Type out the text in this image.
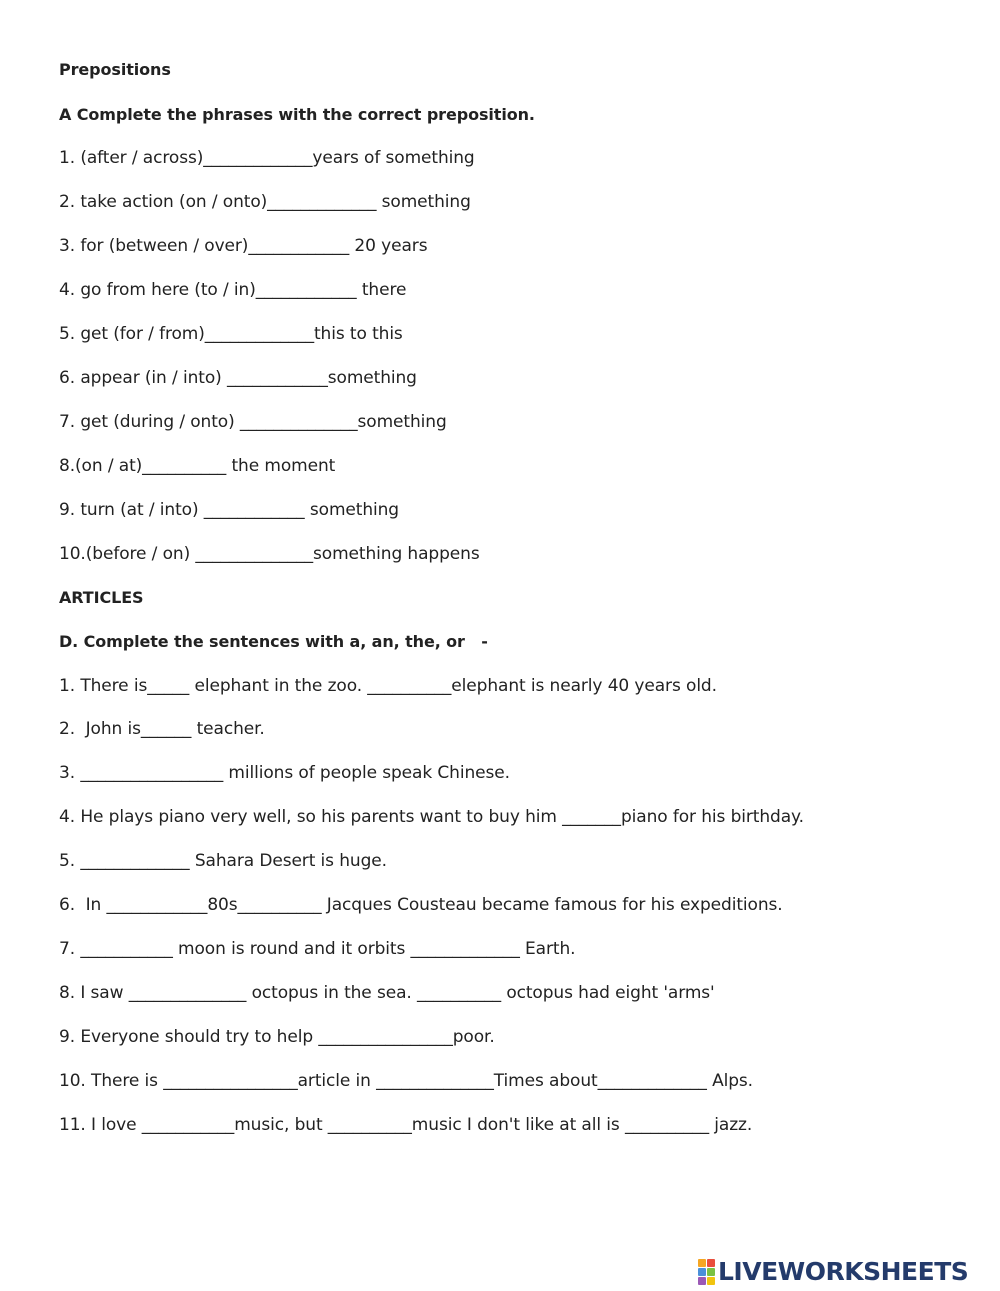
Prepositions
A Complete the phrases with the correct preposition.
1. (after / across)_____________years of something
2. take action (on / onto)_____________ something
3. for (between / over)____________ 20 years
4. go from here (to / in)____________ there
5. get (for / from)_____________this to this
6. appear (in / into) ____________something
7. get (during / onto) ______________something
8.(on / at)__________ the moment
9. turn (at / into) ____________ something
10.(before / on) ______________something happens
ARTICLES
D. Complete the sentences with a, an, the, or   -
1. There is_____ elephant in the zoo. __________elephant is nearly 40 years old.
2.  John is______ teacher.
3. _________________ millions of people speak Chinese.
4. He plays piano very well, so his parents want to buy him _______piano for his birthday.
5. _____________ Sahara Desert is huge.
6.  In ____________80s__________ Jacques Cousteau became famous for his expeditions.
7. ___________ moon is round and it orbits _____________ Earth.
8. I saw ______________ octopus in the sea. __________ octopus had eight 'arms'
9. Everyone should try to help ________________poor.
10. There is ________________article in ______________Times about_____________ Alps.
11. I love ___________music, but __________music I don't like at all is __________ jazz.
LIVEWORKSHEETS
